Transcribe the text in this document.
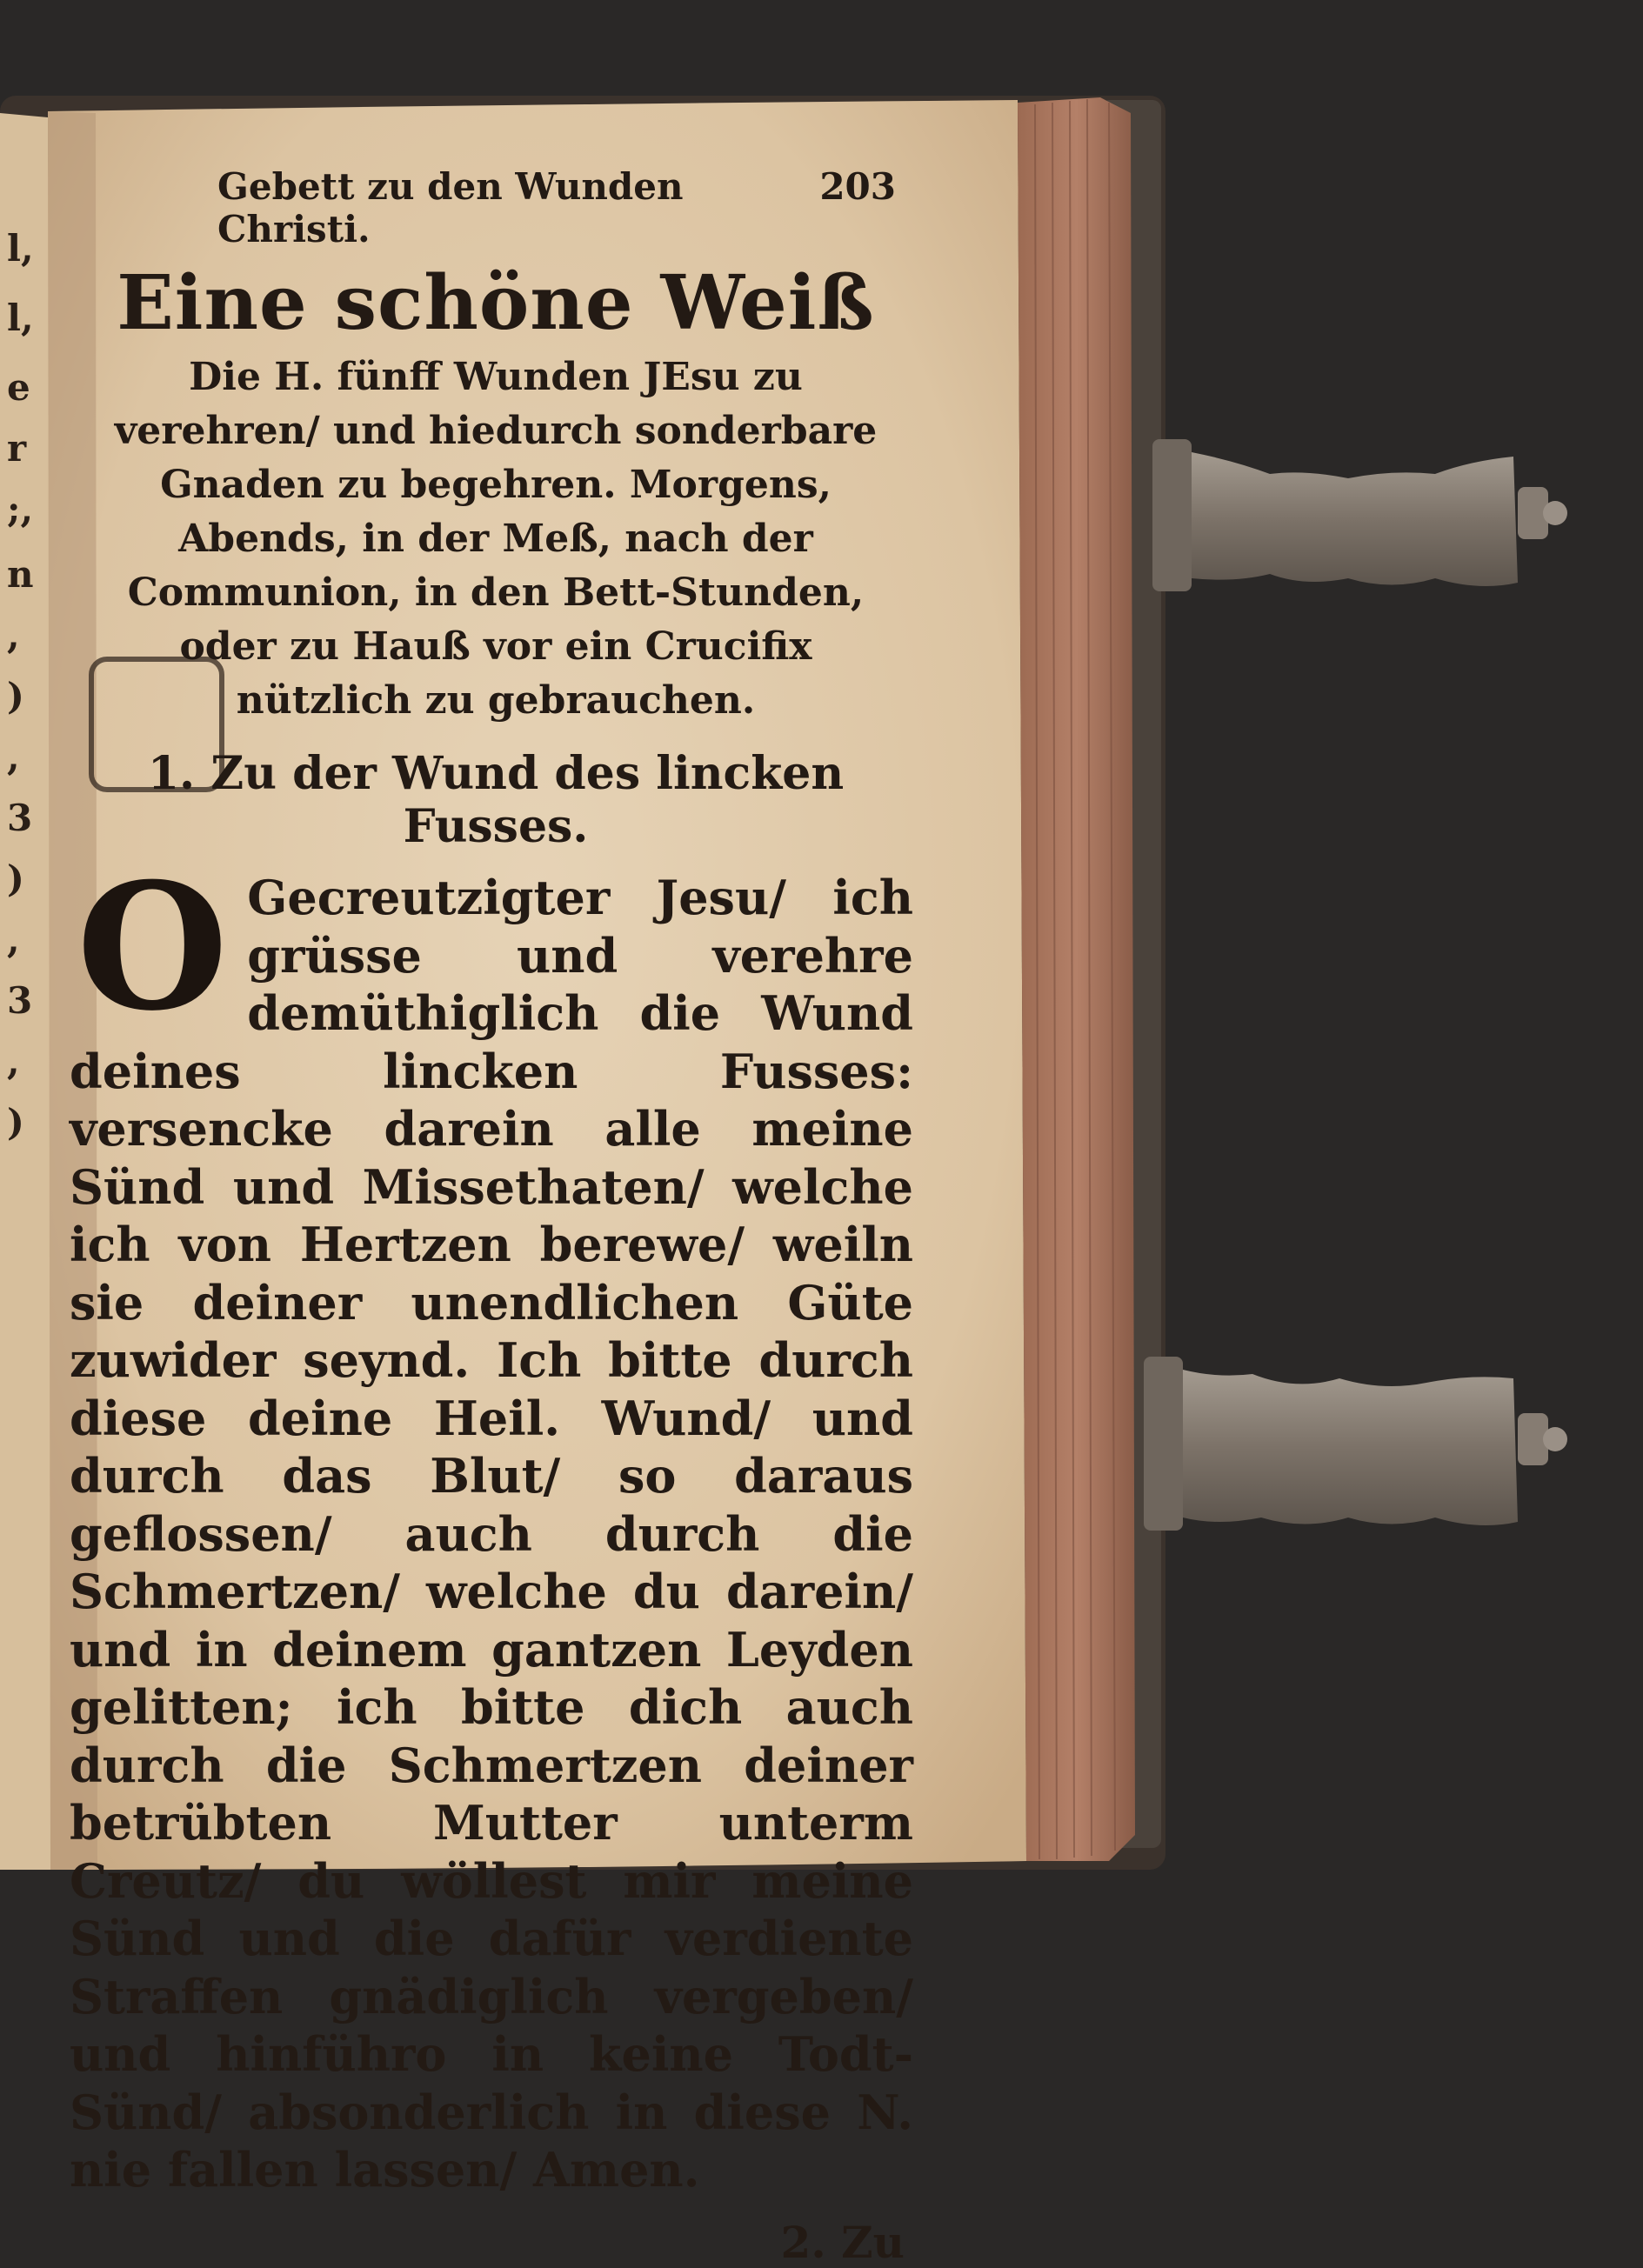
l,
l,
e
r
;,
n
,
)
,
3
)
,
3
,
)
Gebett zu den Wunden Christi.
203
Eine schöne Weiß
Die H. fünff Wunden JEsu zu verehren/ und hiedurch sonderbare Gnaden zu begehren. Morgens, Abends, in der Meß, nach der Communion, in den Bett-Stunden, oder zu Hauß vor ein Crucifix nützlich zu gebrauchen.
1. Zu der Wund des lincken Fusses.
O Gecreutzigter Jesu/ ich grüsse und verehre demüthiglich die Wund deines lincken Fusses: versencke darein alle meine Sünd und Missethaten/ welche ich von Hertzen berewe/ weiln sie deiner unendlichen Güte zuwider seynd. Ich bitte durch diese deine Heil. Wund/ und durch das Blut/ so daraus geflossen/ auch durch die Schmertzen/ welche du darein/ und in deinem gantzen Leyden gelitten; ich bitte dich auch durch die Schmertzen deiner betrübten Mutter unterm Creutz/ du wöllest mir meine Sünd und die dafür verdiente Straffen gnädiglich vergeben/ und hinführo in keine Todt-Sünd/ absonderlich in diese N. nie fallen lassen/ Amen.
2. Zu
